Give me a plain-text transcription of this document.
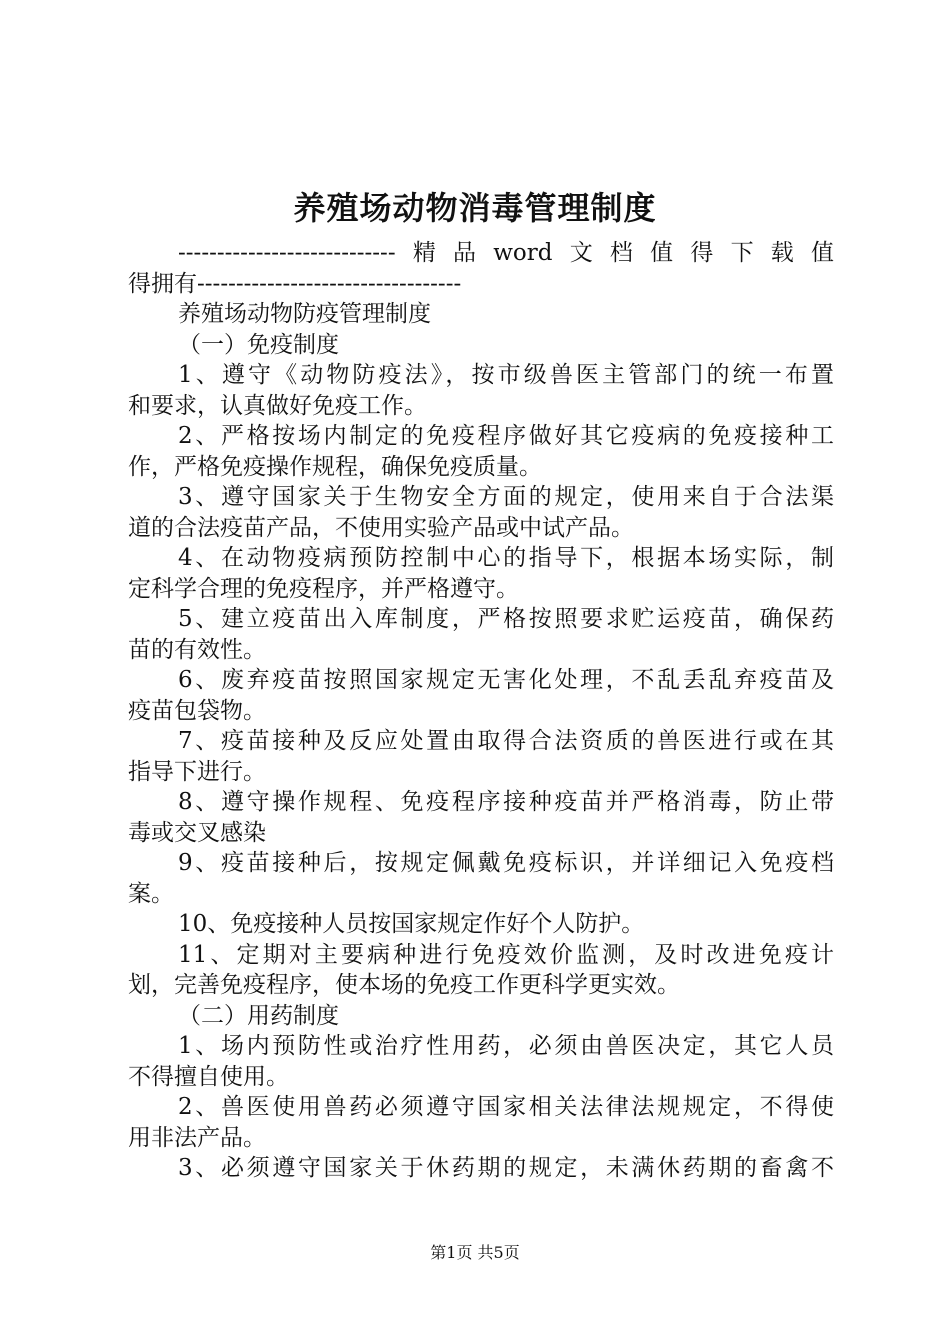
养殖场动物消毒管理制度
----------------------------精品word文档值得下载值
得拥有----------------------------------
养殖场动物防疫管理制度
（一）免疫制度
1、遵守《动物防疫法》，按市级兽医主管部门的统一布置
和要求，认真做好免疫工作。
2、严格按场内制定的免疫程序做好其它疫病的免疫接种工
作，严格免疫操作规程，确保免疫质量。
3、遵守国家关于生物安全方面的规定，使用来自于合法渠
道的合法疫苗产品，不使用实验产品或中试产品。
4、在动物疫病预防控制中心的指导下，根据本场实际，制
定科学合理的免疫程序，并严格遵守。
5、建立疫苗出入库制度，严格按照要求贮运疫苗，确保药
苗的有效性。
6、废弃疫苗按照国家规定无害化处理，不乱丢乱弃疫苗及
疫苗包袋物。
7、疫苗接种及反应处置由取得合法资质的兽医进行或在其
指导下进行。
8、遵守操作规程、免疫程序接种疫苗并严格消毒，防止带
毒或交叉感染
9、疫苗接种后，按规定佩戴免疫标识，并详细记入免疫档
案。
10、免疫接种人员按国家规定作好个人防护。
11、定期对主要病种进行免疫效价监测，及时改进免疫计
划，完善免疫程序，使本场的免疫工作更科学更实效。
（二）用药制度
1、场内预防性或治疗性用药，必须由兽医决定，其它人员
不得擅自使用。
2、兽医使用兽药必须遵守国家相关法律法规规定，不得使
用非法产品。
3、必须遵守国家关于休药期的规定，未满休药期的畜禽不
第1页 共5页
